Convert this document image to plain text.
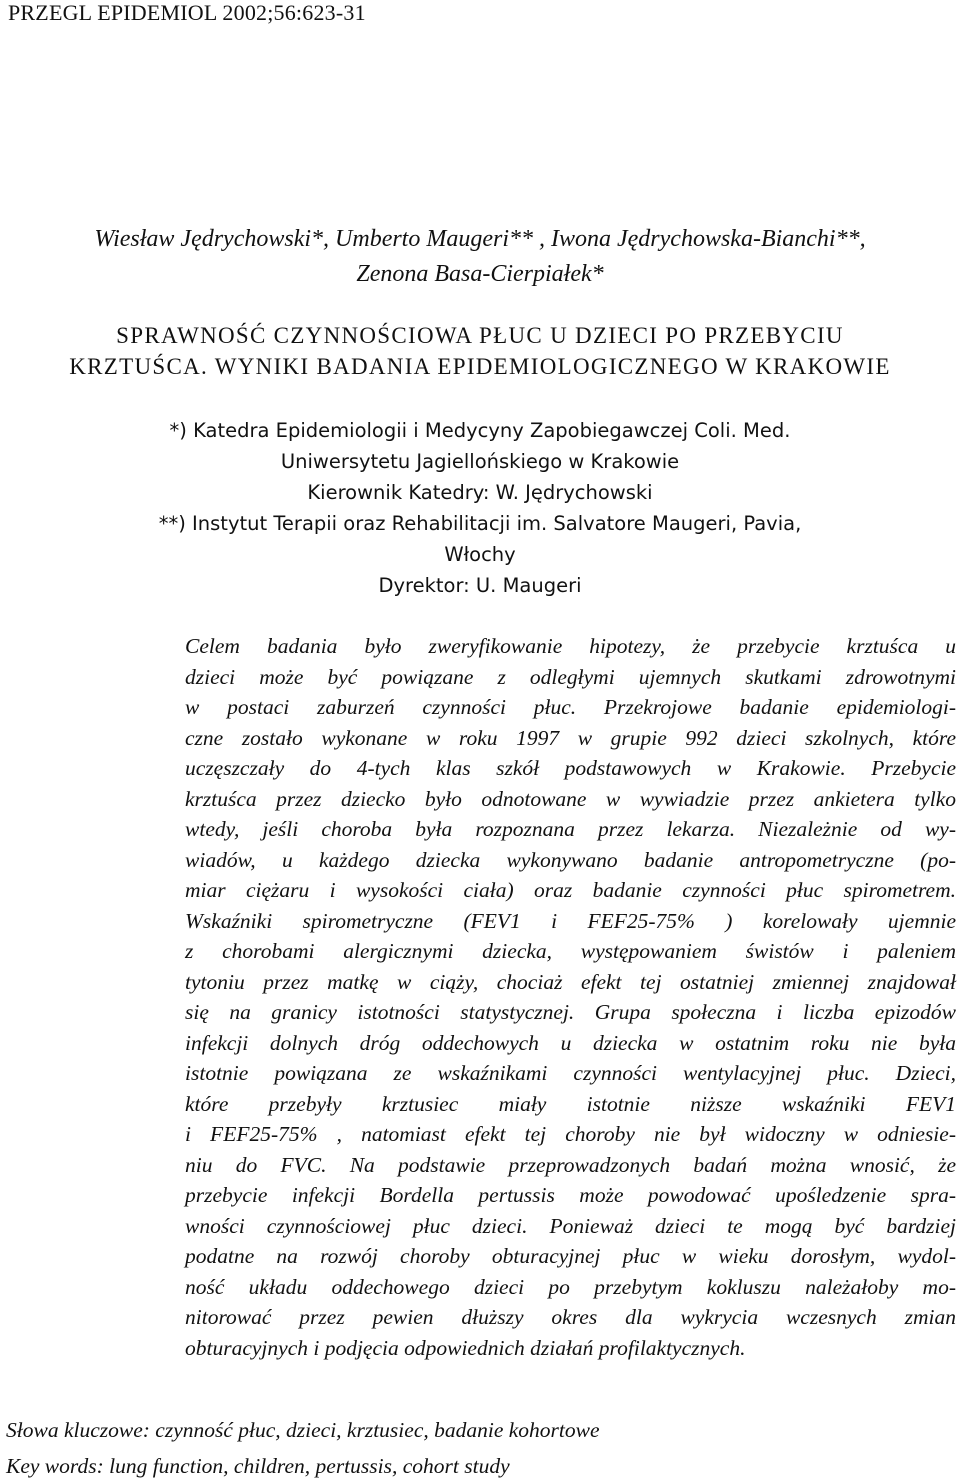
PRZEGL EPIDEMIOL 2002;56:623-31
Wiesław Jędrychowski*, Umberto Maugeri** , Iwona Jędrychowska-Bianchi**,
Zenona Basa-Cierpiałek*
SPRAWNOŚĆ CZYNNOŚCIOWA PŁUC U DZIECI PO PRZEBYCIU
KRZTUŚCA. WYNIKI BADANIA EPIDEMIOLOGICZNEGO W KRAKOWIE
*) Katedra Epidemiologii i Medycyny Zapobiegawczej Coli. Med.
Uniwersytetu Jagiellońskiego w Krakowie
Kierownik Katedry: W. Jędrychowski
**) Instytut Terapii oraz Rehabilitacji im. Salvatore Maugeri, Pavia,
Włochy
Dyrektor: U. Maugeri
Celem badania było zweryfikowanie hipotezy, że przebycie krztuśca u
dzieci może być powiązane z odległymi ujemnych skutkami zdrowotnymi
w postaci zaburzeń czynności płuc. Przekrojowe badanie epidemiologi-
czne zostało wykonane w roku 1997 w grupie 992 dzieci szkolnych, które
uczęszczały do 4-tych klas szkół podstawowych w Krakowie. Przebycie
krztuśca przez dziecko było odnotowane w wywiadzie przez ankietera tylko
wtedy, jeśli choroba była rozpoznana przez lekarza. Niezależnie od wy-
wiadów, u każdego dziecka wykonywano badanie antropometryczne (po-
miar ciężaru i wysokości ciała) oraz badanie czynności płuc spirometrem.
Wskaźniki spirometryczne (FEV1 i FEF25-75% ) korelowały ujemnie
z chorobami alergicznymi dziecka, występowaniem świstów i paleniem
tytoniu przez matkę w ciąży, chociaż efekt tej ostatniej zmiennej znajdował
się na granicy istotności statystycznej. Grupa społeczna i liczba epizodów
infekcji dolnych dróg oddechowych u dziecka w ostatnim roku nie była
istotnie powiązana ze wskaźnikami czynności wentylacyjnej płuc. Dzieci,
które przebyły krztusiec miały istotnie niższe wskaźniki FEV1
i FEF25-75% , natomiast efekt tej choroby nie był widoczny w odniesie-
niu do FVC. Na podstawie przeprowadzonych badań można wnosić, że
przebycie infekcji Bordella pertussis może powodować upośledzenie spra-
wności czynnościowej płuc dzieci. Ponieważ dzieci te mogą być bardziej
podatne na rozwój choroby obturacyjnej płuc w wieku dorosłym, wydol-
ność układu oddechowego dzieci po przebytym kokluszu należałoby mo-
nitorować przez pewien dłuższy okres dla wykrycia wczesnych zmian
obturacyjnych i podjęcia odpowiednich działań profilaktycznych.
Słowa kluczowe: czynność płuc, dzieci, krztusiec, badanie kohortowe
Key words: lung function, children, pertussis, cohort study
